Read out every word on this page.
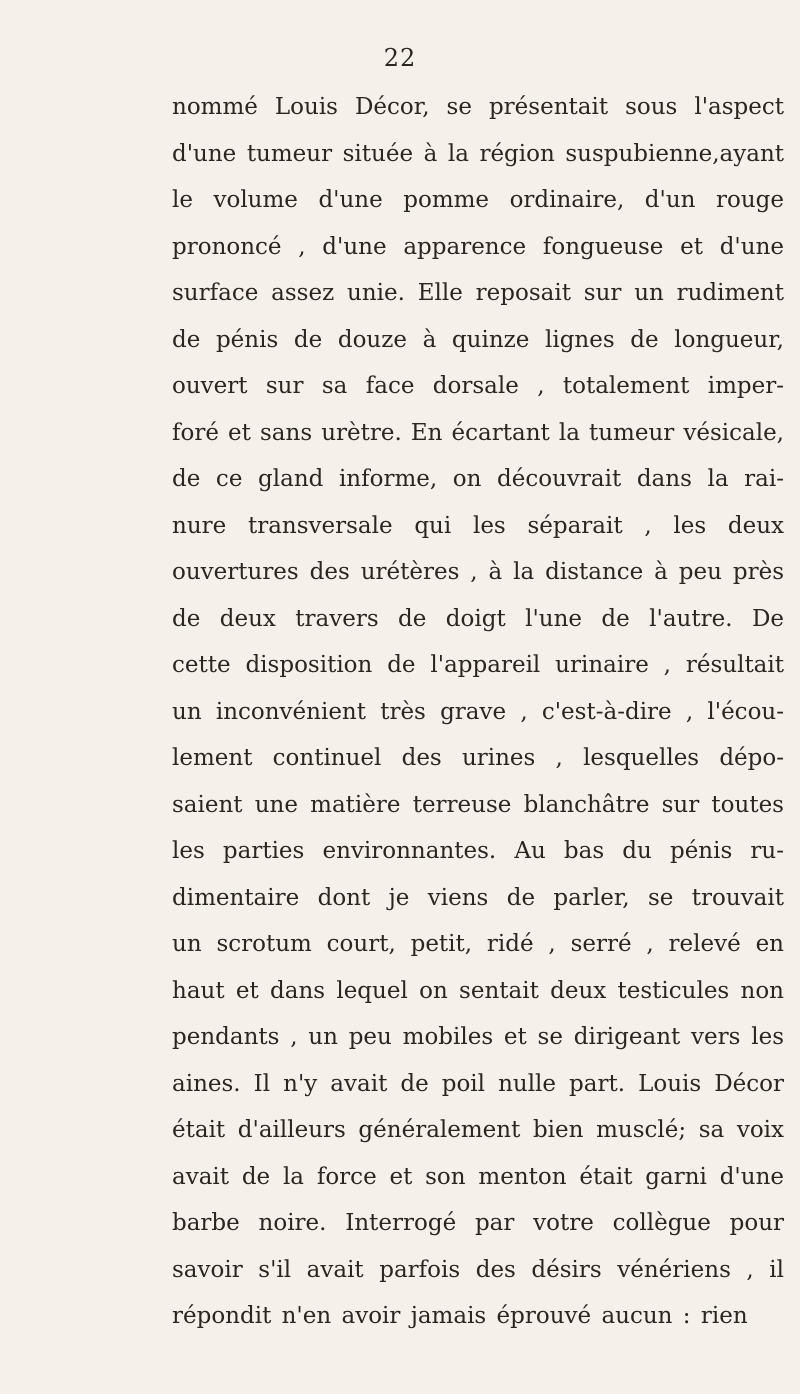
22
nommé Louis Décor, se présentait sous l'aspect
d'une tumeur située à la région suspubienne,ayant
le volume d'une pomme ordinaire, d'un rouge
prononcé , d'une apparence fongueuse et d'une
surface assez unie. Elle reposait sur un rudiment
de pénis de douze à quinze lignes de longueur,
ouvert sur sa face dorsale , totalement imper-
foré et sans urètre. En écartant la tumeur vésicale,
de ce gland informe, on découvrait dans la rai-
nure transversale qui les séparait , les deux
ouvertures des urétères , à la distance à peu près
de deux travers de doigt l'une de l'autre. De
cette disposition de l'appareil urinaire , résultait
un inconvénient très grave , c'est-à-dire , l'écou-
lement continuel des urines , lesquelles dépo-
saient une matière terreuse blanchâtre sur toutes
les parties environnantes. Au bas du pénis ru-
dimentaire dont je viens de parler, se trouvait
un scrotum court, petit, ridé , serré , relevé en
haut et dans lequel on sentait deux testicules non
pendants , un peu mobiles et se dirigeant vers les
aines. Il n'y avait de poil nulle part. Louis Décor
était d'ailleurs généralement bien musclé; sa voix
avait de la force et son menton était garni d'une
barbe noire. Interrogé par votre collègue pour
savoir s'il avait parfois des désirs vénériens , il
répondit n'en avoir jamais éprouvé aucun : rien
